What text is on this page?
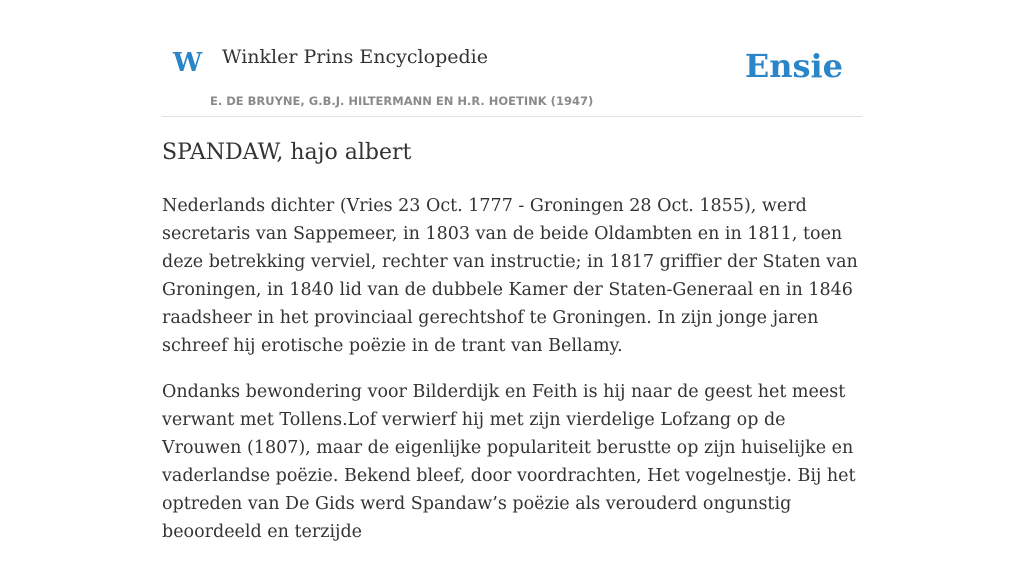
W Winkler Prins Encyclopedie
E. DE BRUYNE, G.B.J. HILTERMANN EN H.R. HOETINK (1947)
Ensie
SPANDAW, hajo albert

Nederlands dichter (Vries 23 Oct. 1777 - Groningen 28 Oct. 1855), werd secretaris van Sappemeer, in 1803 van de beide Oldambten en in 1811, toen deze betrekking verviel, rechter van instructie; in 1817 griffier der Staten van Groningen, in 1840 lid van de dubbele Kamer der Staten-Generaal en in 1846 raadsheer in het provinciaal gerechtshof te Groningen. In zijn jonge jaren schreef hij erotische poëzie in de trant van Bellamy.

Ondanks bewondering voor Bilderdijk en Feith is hij naar de geest het meest verwant met Tollens.Lof verwierf hij met zijn vierdelige Lofzang op de Vrouwen (1807), maar de eigenlijke populariteit berustte op zijn huiselijke en vaderlandse poëzie. Bekend bleef, door voordrachten, Het vogelnestje. Bij het optreden van De Gids werd Spandaw’s poëzie als verouderd ongunstig beoordeeld en terzijde
